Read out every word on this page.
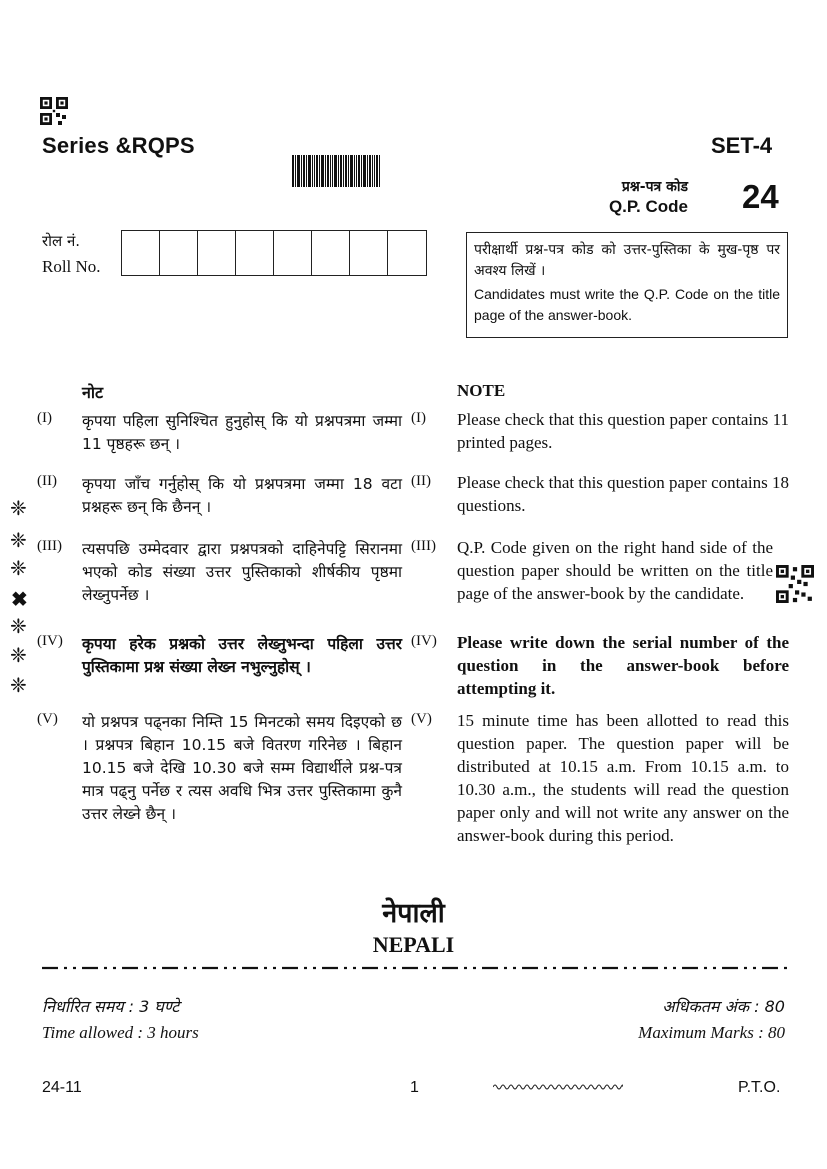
Series &RQPS	SET-4
प्रश्न-पत्र कोड
Q.P. Code 24
रोल नं.
Roll No.
परीक्षार्थी प्रश्न-पत्र कोड को उत्तर-पुस्तिका के मुख-पृष्ठ पर अवश्य लिखें ।
Candidates must write the Q.P. Code on the title page of the answer-book.
❈
❈
❈
✖
❈
❈
❈
नोट	NOTE
(I)	कृपया पहिला सुनिश्चित हुनुहोस् कि यो प्रश्नपत्रमा जम्मा 11 पृष्ठहरू छन् ।
(I)	Please check that this question paper contains 11 printed pages.
(II)	कृपया जाँच गर्नुहोस् कि यो प्रश्नपत्रमा जम्मा 18 वटा प्रश्नहरू छन् कि छैनन् ।
(II)	Please check that this question paper contains 18 questions.
(III)	त्यसपछि उम्मेदवार द्वारा प्रश्नपत्रको दाहिनेपट्टि सिरानमा भएको कोड संख्या उत्तर पुस्तिकाको शीर्षकीय पृष्ठमा लेख्नुपर्नेछ ।
(III)	Q.P. Code given on the right hand side of the question paper should be written on the title page of the answer-book by the candidate.
(IV)	कृपया हरेक प्रश्नको उत्तर लेख्नुभन्दा पहिला उत्तर पुस्तिकामा प्रश्न संख्या लेख्न नभुल्नुहोस् ।
(IV)	Please write down the serial number of the question in the answer-book before attempting it.
(V)	यो प्रश्नपत्र पढ्नका निम्ति 15 मिनटको समय दिइएको छ । प्रश्नपत्र बिहान 10.15 बजे वितरण गरिनेछ । बिहान 10.15 बजे देखि 10.30 बजे सम्म विद्यार्थीले प्रश्न-पत्र मात्र पढ्नु पर्नेछ र त्यस अवधि भित्र उत्तर पुस्तिकामा कुनै उत्तर लेख्ने छैन् ।
(V)	15 minute time has been allotted to read this question paper. The question paper will be distributed at 10.15 a.m. From 10.15 a.m. to 10.30 a.m., the students will read the question paper only and will not write any answer on the answer-book during this period.
नेपाली
NEPALI
निर्धारित समय : 3 घण्टे	अधिकतम अंक : 80
Time allowed : 3 hours	Maximum Marks : 80
24-11	1	P.T.O.
